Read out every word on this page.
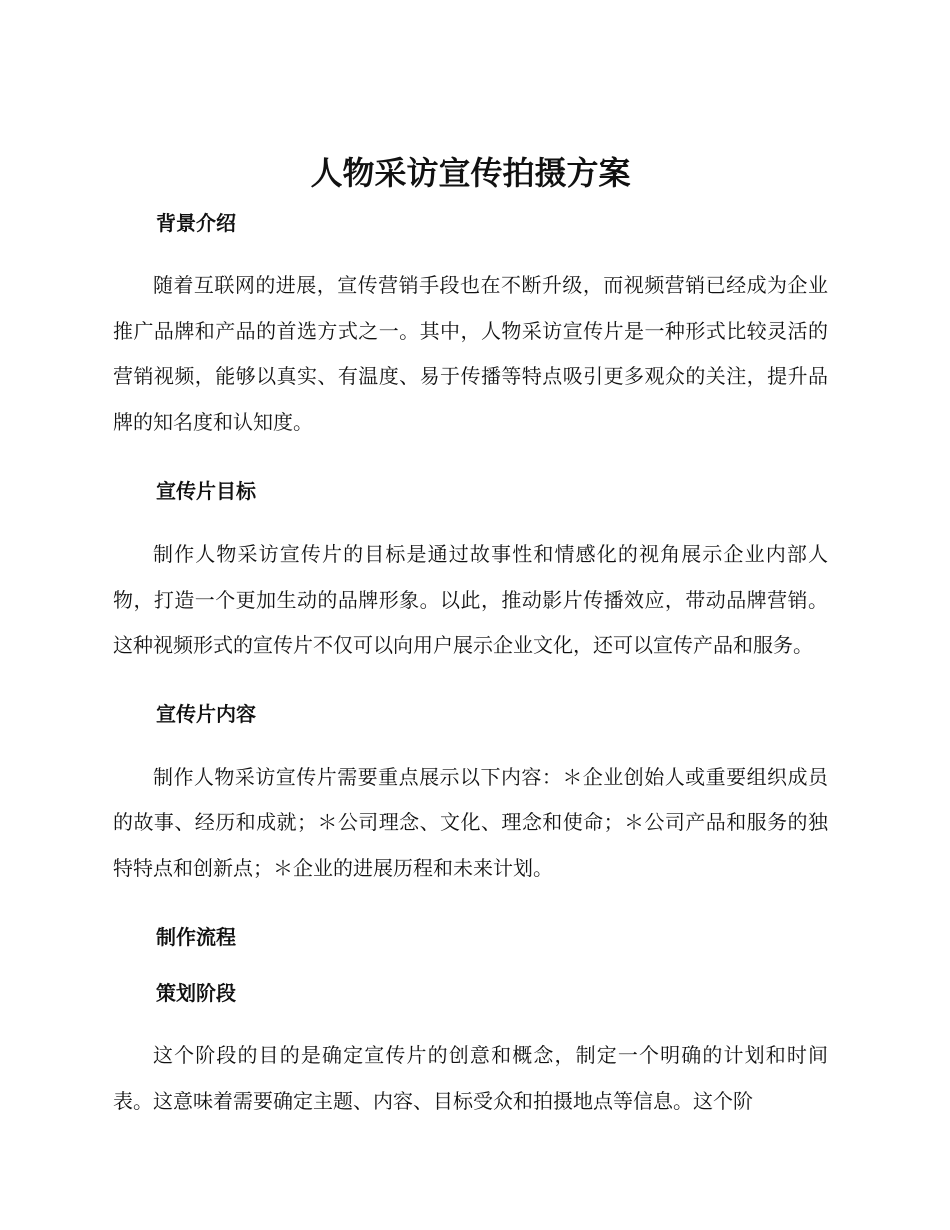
人物采访宣传拍摄方案
背景介绍

随着互联网的进展，宣传营销手段也在不断升级，而视频营销已经成为企业推广品牌和产品的首选方式之一。其中，人物采访宣传片是一种形式比较灵活的营销视频，能够以真实、有温度、易于传播等特点吸引更多观众的关注，提升品牌的知名度和认知度。

宣传片目标

制作人物采访宣传片的目标是通过故事性和情感化的视角展示企业内部人物，打造一个更加生动的品牌形象。以此，推动影片传播效应，带动品牌营销。这种视频形式的宣传片不仅可以向用户展示企业文化，还可以宣传产品和服务。

宣传片内容

制作人物采访宣传片需要重点展示以下内容：＊企业创始人或重要组织成员的故事、经历和成就；＊公司理念、文化、理念和使命；＊公司产品和服务的独特特点和创新点；＊企业的进展历程和未来计划。

制作流程
策划阶段

这个阶段的目的是确定宣传片的创意和概念，制定一个明确的计划和时间表。这意味着需要确定主题、内容、目标受众和拍摄地点等信息。这个阶
